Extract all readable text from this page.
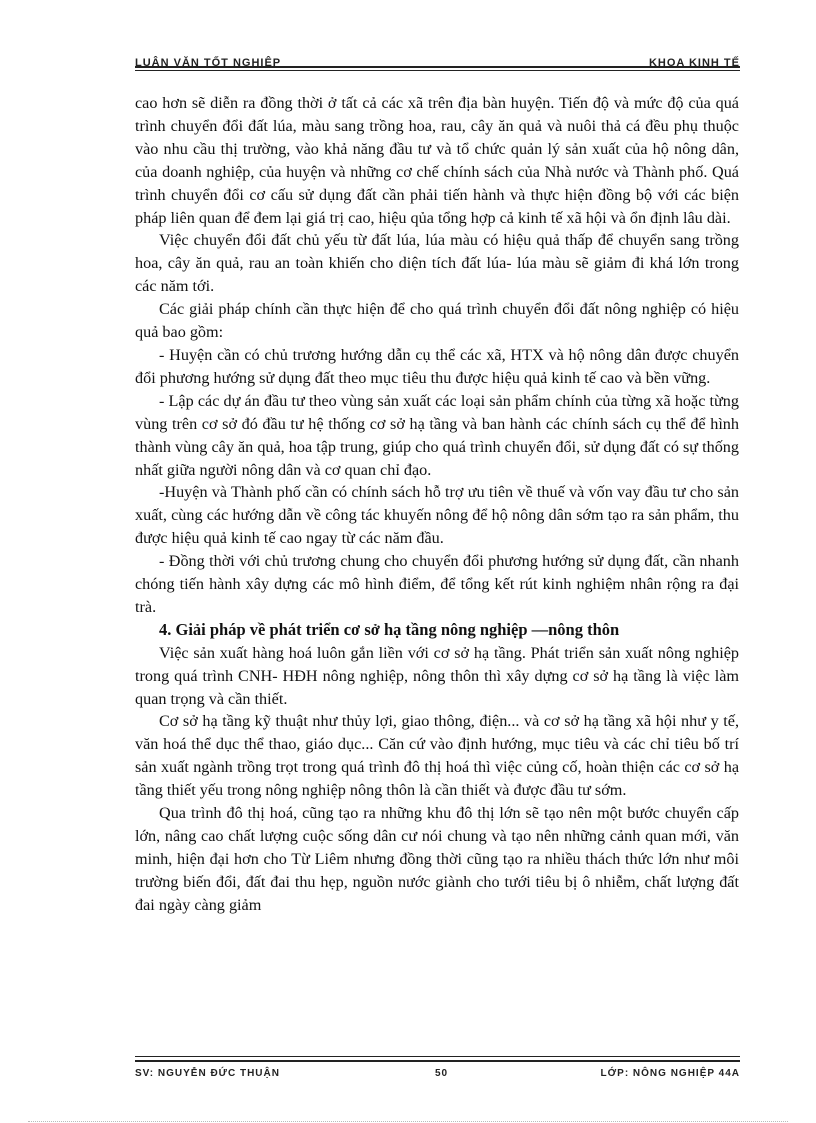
LUẬN VĂN TỐT NGHIỆP	KHOA KINH TẾ

cao hơn sẽ diễn ra đồng thời ở tất cả các xã trên địa bàn huyện. Tiến độ và mức độ của quá trình chuyển đổi đất lúa, màu sang trồng hoa, rau, cây ăn quả và nuôi thả cá đều phụ thuộc vào nhu cầu thị trường, vào khả năng đầu tư và tổ chức quản lý sản xuất của hộ nông dân, của doanh nghiệp, của huyện và những cơ chế chính sách của Nhà nước và Thành phố. Quá trình chuyển đổi cơ cấu sử dụng đất cần phải tiến hành và thực hiện đồng bộ với các biện pháp liên quan để đem lại giá trị cao, hiệu qủa tổng hợp cả kinh tế xã hội và ổn định lâu dài.

Việc chuyển đổi đất chủ yếu từ đất lúa, lúa màu có hiệu quả thấp để chuyển sang trồng hoa, cây ăn quả, rau an toàn khiến cho diện tích đất lúa- lúa màu sẽ giảm đi khá lớn trong các năm tới.

Các giải pháp chính cần thực hiện để cho quá trình chuyển đổi đất nông nghiệp có hiệu quả bao gồm:

- Huyện cần có chủ trương hướng dẫn cụ thể các xã, HTX và hộ nông dân được chuyển đổi phương hướng sử dụng đất theo mục tiêu thu được hiệu quả kinh tế cao và bền vững.

- Lập các dự án đầu tư theo vùng sản xuất các loại sản phẩm chính của từng xã hoặc từng vùng trên cơ sở đó đầu tư hệ thống cơ sở hạ tầng và ban hành các chính sách cụ thể để hình thành vùng cây ăn quả, hoa tập trung, giúp cho quá trình chuyển đổi, sử dụng đất có sự thống nhất giữa người nông dân và cơ quan chỉ đạo.

-Huyện và Thành phố cần có chính sách hỗ trợ ưu tiên về thuế và vốn vay đầu tư cho sản xuất, cùng các hướng dẫn về công tác khuyến nông để hộ nông dân sớm tạo ra sản phẩm, thu được hiệu quả kinh tế cao ngay từ các năm đầu.

- Đồng thời với chủ trương chung cho chuyển đổi phương hướng sử dụng đất, cần nhanh chóng tiến hành xây dựng các mô hình điểm, để tổng kết rút kinh nghiệm nhân rộng ra đại trà.

4. Giải pháp về phát triển cơ sở hạ tầng nông nghiệp —nông thôn

Việc sản xuất hàng hoá luôn gắn liền với cơ sở hạ tầng. Phát triển sản xuất nông nghiệp trong quá trình CNH- HĐH nông nghiệp, nông thôn thì xây dựng cơ sở hạ tầng là việc làm quan trọng và cần thiết.

Cơ sở hạ tầng kỹ thuật như thủy lợi, giao thông, điện... và cơ sở hạ tầng xã hội như y tế, văn hoá thể dục thể thao, giáo dục... Căn cứ vào định hướng, mục tiêu và các chỉ tiêu bố trí sản xuất ngành trồng trọt trong quá trình đô thị hoá thì việc củng cố, hoàn thiện các cơ sở hạ tầng thiết yếu trong nông nghiệp nông thôn là cần thiết và được đầu tư sớm.

Qua trình đô thị hoá, cũng tạo ra những khu đô thị lớn sẽ tạo nên một bước chuyển cấp lớn, nâng cao chất lượng cuộc sống dân cư nói chung và tạo nên những cảnh quan mới, văn minh, hiện đại hơn cho Từ Liêm nhưng đồng thời cũng tạo ra nhiều thách thức lớn như môi trường biến đổi, đất đai thu hẹp, nguồn nước giành cho tưới tiêu bị ô nhiễm, chất lượng đất đai ngày càng giảm

SV: NGUYỄN ĐỨC THUẬN	50	LỚP: NÔNG NGHIỆP 44A
